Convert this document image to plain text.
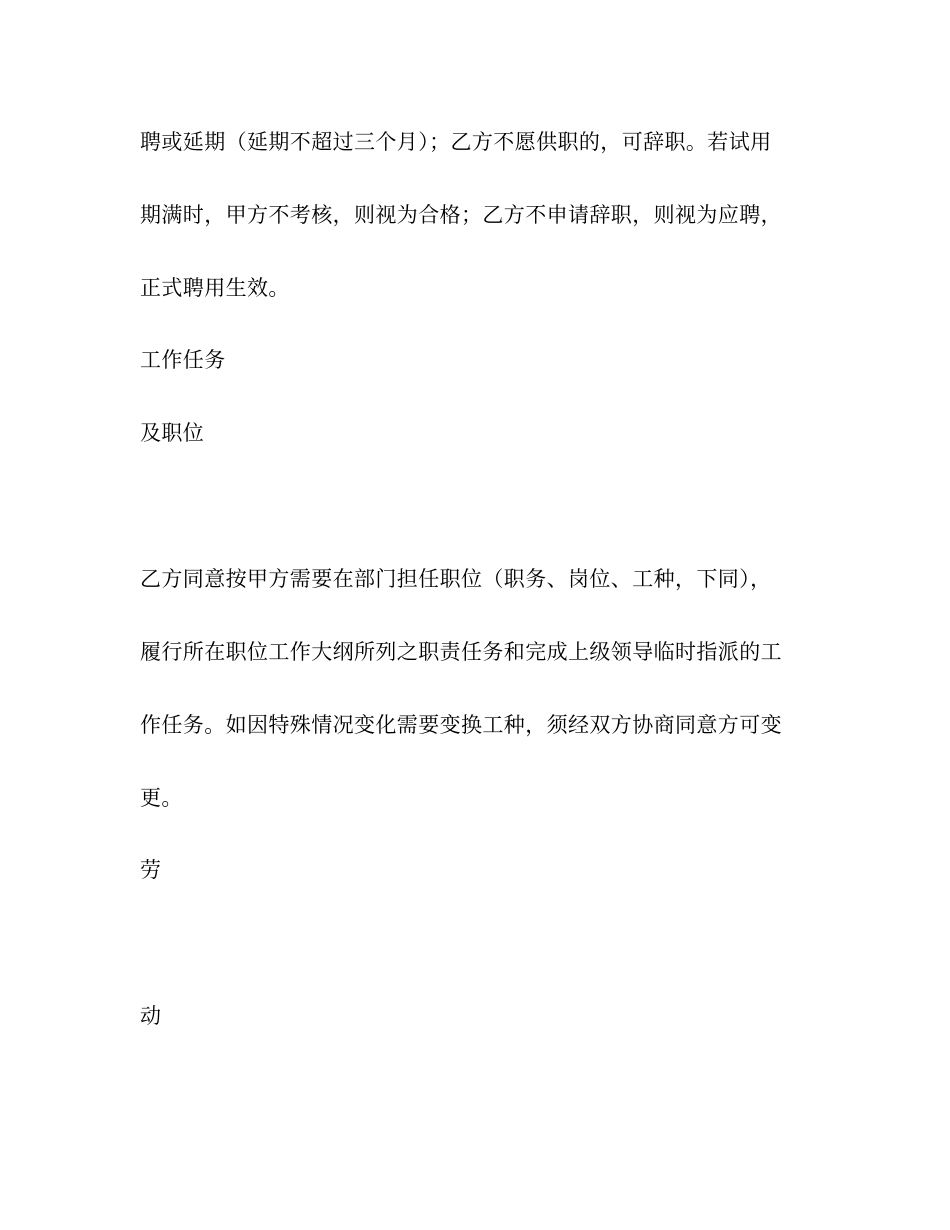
聘或延期（延期不超过三个月）；乙方不愿供职的，可辞职。若试用
期满时，甲方不考核，则视为合格；乙方不申请辞职，则视为应聘，
正式聘用生效。
工作任务
及职位
乙方同意按甲方需要在部门担任职位（职务、岗位、工种，下同），
履行所在职位工作大纲所列之职责任务和完成上级领导临时指派的工
作任务。如因特殊情况变化需要变换工种，须经双方协商同意方可变
更。
劳
动
